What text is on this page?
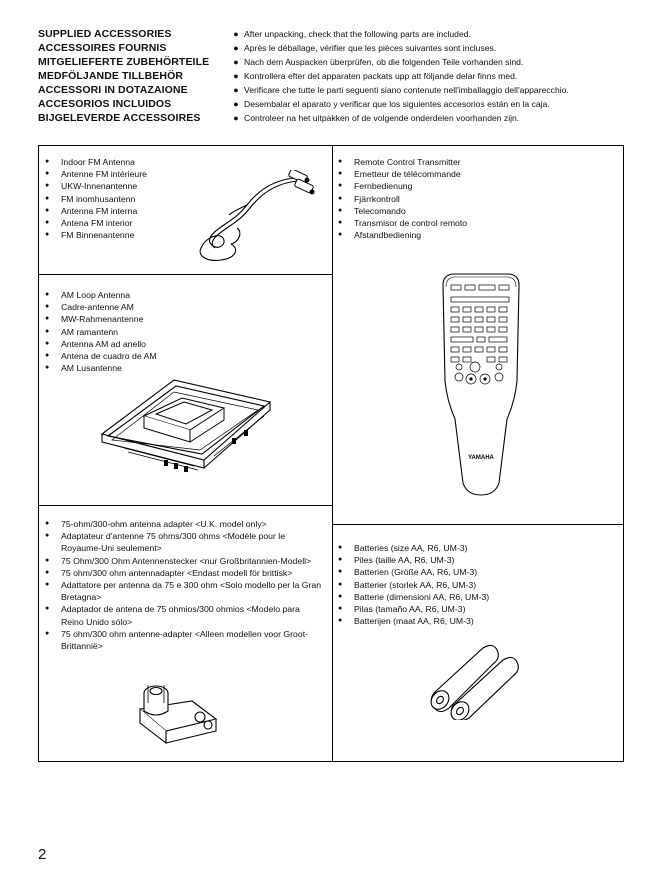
SUPPLIED ACCESSORIES	● After unpacking, check that the following parts are included.
ACCESSOIRES FOURNIS	● Après le déballage, vérifier que les pièces suivantes sont incluses.
MITGELIEFERTE ZUBEHÖRTEILE	● Nach dem Auspacken überprüfen, ob die folgenden Teile vorhanden sind.
MEDFÖLJANDE TILLBEHÖR	● Kontrollera efter det apparaten packats upp att följande delar finns med.
ACCESSORI IN DOTAZAIONE	● Verificare che tutte le parti seguenti siano contenute nell'imballaggio dell'apparecchio.
ACCESORIOS INCLUIDOS	● Desembalar el aparato y verificar que los siguientes accesorios están en la caja.
BIJGELEVERDE ACCESSOIRES	● Controleer na het uitpakken of de volgende onderdelen voorhanden zijn.
● Indoor FM Antenna
● Antenne FM intérieure
● UKW-Innenantenne
● FM inomhusantenn
● Antenna FM interna
● Antena FM interior
● FM Binnenantenne
● Remote Control Transmitter
● Emetteur de télécommande
● Fernbedienung
● Fjärrkontroll
● Telecomando
● Transmisor de control remoto
● Afstandbediening
YAMAHA
● AM Loop Antenna
● Cadre-antenne AM
● MW-Rahmenantenne
● AM ramantenn
● Antenna AM ad anello
● Antena de cuadro de AM
● AM Lusantenne
● 75-ohm/300-ohm antenna adapter <U.K. model only>
● Adaptateur d'antenne 75 ohms/300 ohms <Modèle pour le Royaume-Uni seulement>
● 75 Ohm/300 Ohm Antennenstecker <nur Großbritannien-Modell>
● 75 ohm/300 ohm antennadapter <Endast modell för brittisk>
● Adattatore per antenna da 75 e 300 ohm <Solo modello per la Gran Bretagna>
● Adaptador de antena de 75 ohmios/300 ohmios <Modelo para Reino Unido sólo>
● 75 ohm/300 ohm antenne-adapter <Alleen modellen voor Groot-Brittannië>
● Batteries (size AA, R6, UM-3)
● Piles (taille AA, R6, UM-3)
● Batterien (Größe AA, R6, UM-3)
● Batterier (storlek AA, R6, UM-3)
● Batterie (dimensioni AA, R6, UM-3)
● Pilas (tamaño AA, R6, UM-3)
● Batterijen (maat AA, R6, UM-3)
2
